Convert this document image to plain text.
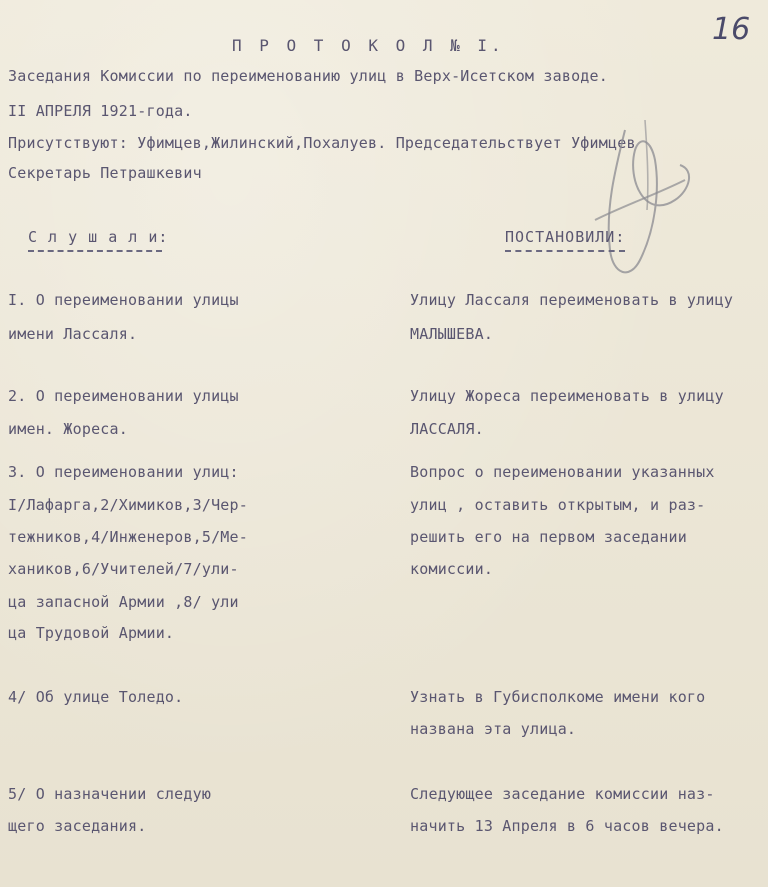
16
П Р О Т О К О Л № I.
Заседания Комиссии по переименованию улиц в Верх-Исетском заводе.
II АПРЕЛЯ 1921-года.
Присутствуют: Уфимцев,Жилинский,Похалуев. Председательствует Уфимцев
Секретарь Петрашкевич
С л у ш а л и:	ПОСТАНОВИЛИ:
I. О переименовании улицы
имени Лассаля.
Улицу Лассаля переименовать в улицу
МАЛЫШЕВА.
2. О переименовании улицы
имен. Жореса.
Улицу Жореса переименовать в улицу
ЛАССАЛЯ.
3. О переименовании улиц:
I/Лафарга,2/Химиков,3/Чер-
тежников,4/Инженеров,5/Ме-
хаников,6/Учителей/7/ули-
ца запасной Армии ,8/ ули
ца Трудовой Армии.
Вопрос о переименовании указанных
улиц , оставить открытым, и раз-
решить его на первом заседании
комиссии.
4/ Об улице Толедо.	Узнать в Губисполкоме имени кого
названа эта улица.
5/ О назначении следую
щего заседания.
Следующее заседание комиссии наз-
начить 13 Апреля в 6 часов вечера.
